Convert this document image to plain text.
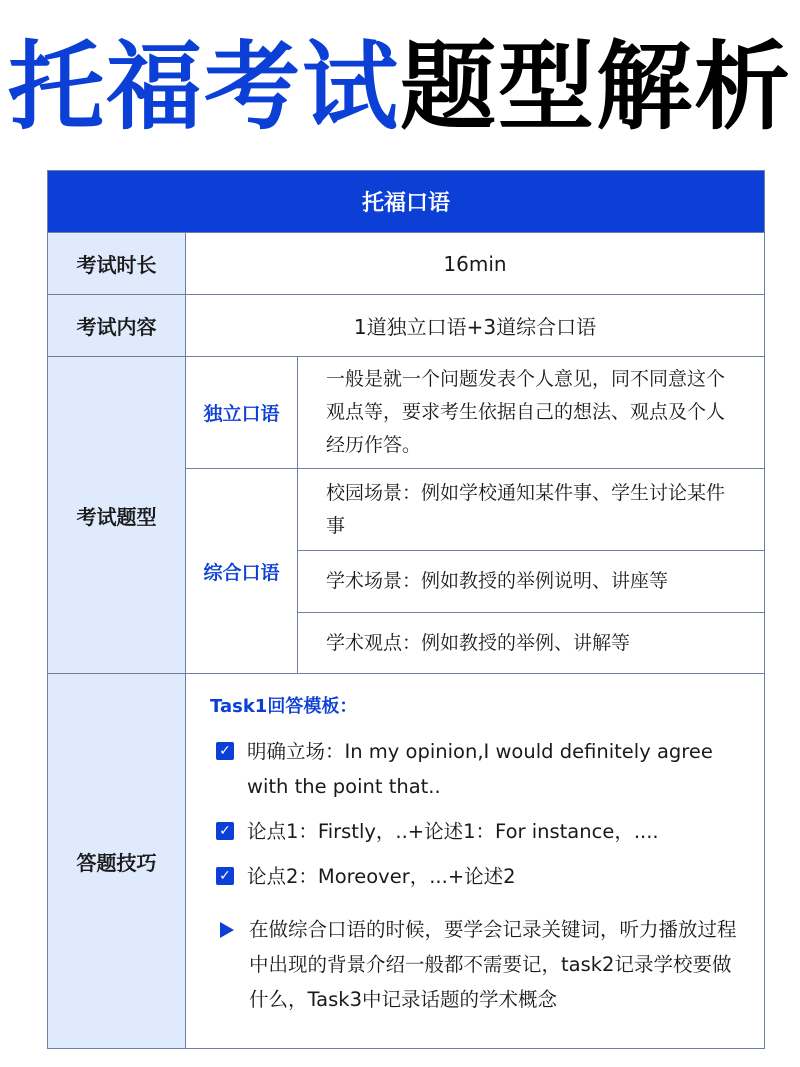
托福考试题型解析
托福口语
考试时长	16min
考试内容	1道独立口语+3道综合口语
考试题型
独立口语
一般是就一个问题发表个人意见，同不同意这个观点等，要求考生依据自己的想法、观点及个人经历作答。
综合口语
校园场景：例如学校通知某件事、学生讨论某件事
学术场景：例如教授的举例说明、讲座等
学术观点：例如教授的举例、讲解等
答题技巧
Task1回答模板：
✓ 明确立场：In my opinion,I would definitely agree with the point that..
✓ 论点1：Firstly，..+论述1：For instance，....
✓ 论点2：Moreover，...+论述2
在做综合口语的时候，要学会记录关键词，听力播放过程中出现的背景介绍一般都不需要记，task2记录学校要做什么，Task3中记录话题的学术概念
